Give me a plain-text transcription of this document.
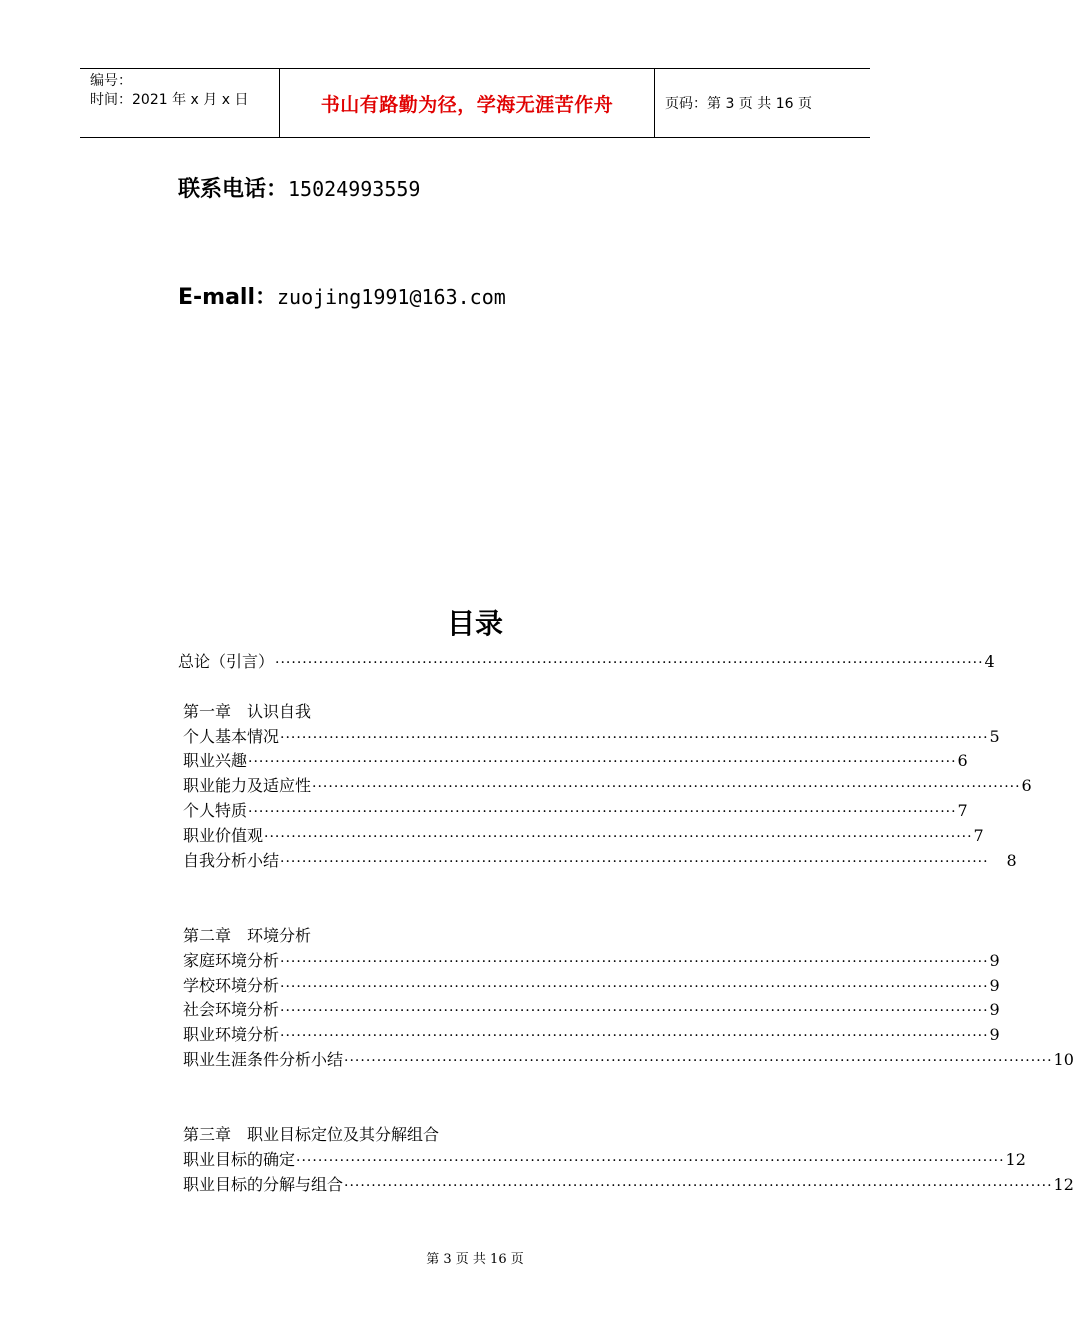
编号：
时间：2021 年 x 月 x 日	书山有路勤为径，学海无涯苦作舟	页码：第 3 页 共 16 页
联系电话：15024993559
E-mall：zuojing1991@163.com
目录
总论（引言） ·································································································································· 4
第一章　认识自我
个人基本情况 ·································································································································· 5
职业兴趣 ·································································································································· 6
职业能力及适应性 ·································································································································· 6
个人特质 ·································································································································· 7
职业价值观 ·································································································································· 7
自我分析小结 ·································································································································· 8
第二章　环境分析
家庭环境分析 ·································································································································· 9
学校环境分析 ·································································································································· 9
社会环境分析 ·································································································································· 9
职业环境分析 ·································································································································· 9
职业生涯条件分析小结 ·································································································································· 10
第三章　职业目标定位及其分解组合
职业目标的确定 ·································································································································· 12
职业目标的分解与组合 ·································································································································· 12
第 3 页 共 16 页
